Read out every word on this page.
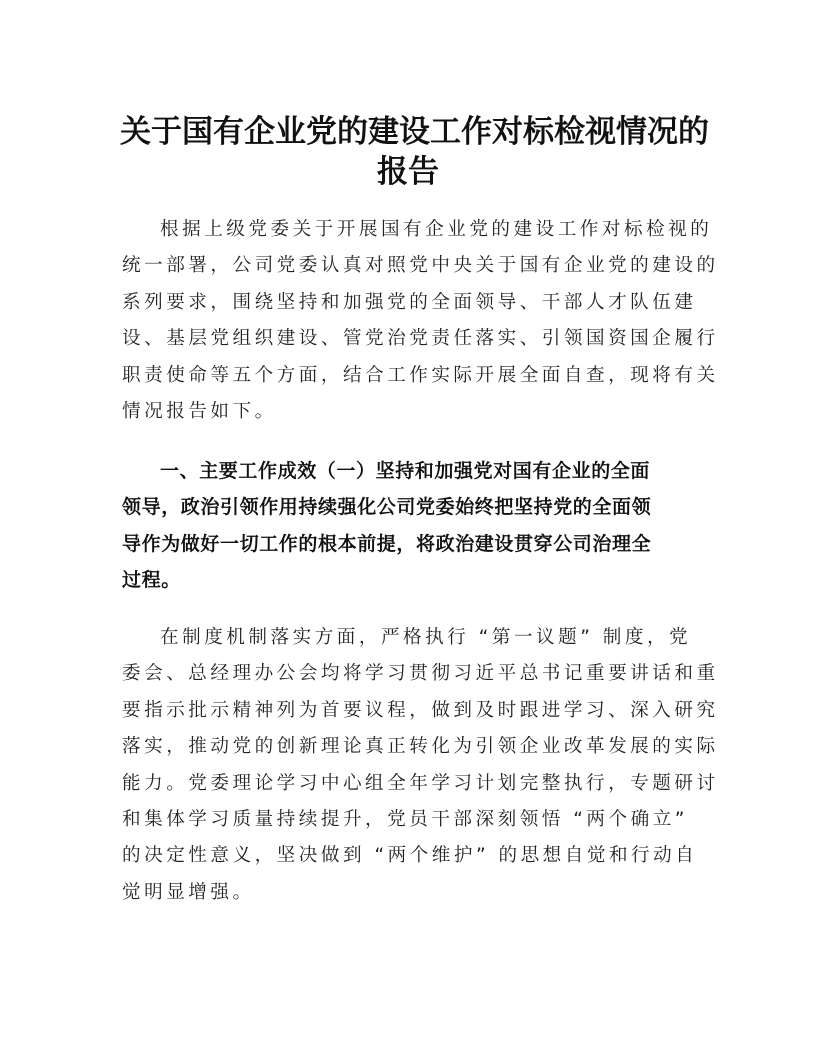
关于国有企业党的建设工作对标检视情况的
报告
根据上级党委关于开展国有企业党的建设工作对标检视的
统一部署，公司党委认真对照党中央关于国有企业党的建设的
系列要求，围绕坚持和加强党的全面领导、干部人才队伍建
设、基层党组织建设、管党治党责任落实、引领国资国企履行
职责使命等五个方面，结合工作实际开展全面自查，现将有关
情况报告如下。
一、主要工作成效（一）坚持和加强党对国有企业的全面
领导，政治引领作用持续强化公司党委始终把坚持党的全面领
导作为做好一切工作的根本前提，将政治建设贯穿公司治理全
过程。
在制度机制落实方面，严格执行 “第一议题” 制度，党
委会、总经理办公会均将学习贯彻习近平总书记重要讲话和重
要指示批示精神列为首要议程，做到及时跟进学习、深入研究
落实，推动党的创新理论真正转化为引领企业改革发展的实际
能力。党委理论学习中心组全年学习计划完整执行，专题研讨
和集体学习质量持续提升，党员干部深刻领悟 “两个确立”
的决定性意义，坚决做到 “两个维护” 的思想自觉和行动自
觉明显增强。
